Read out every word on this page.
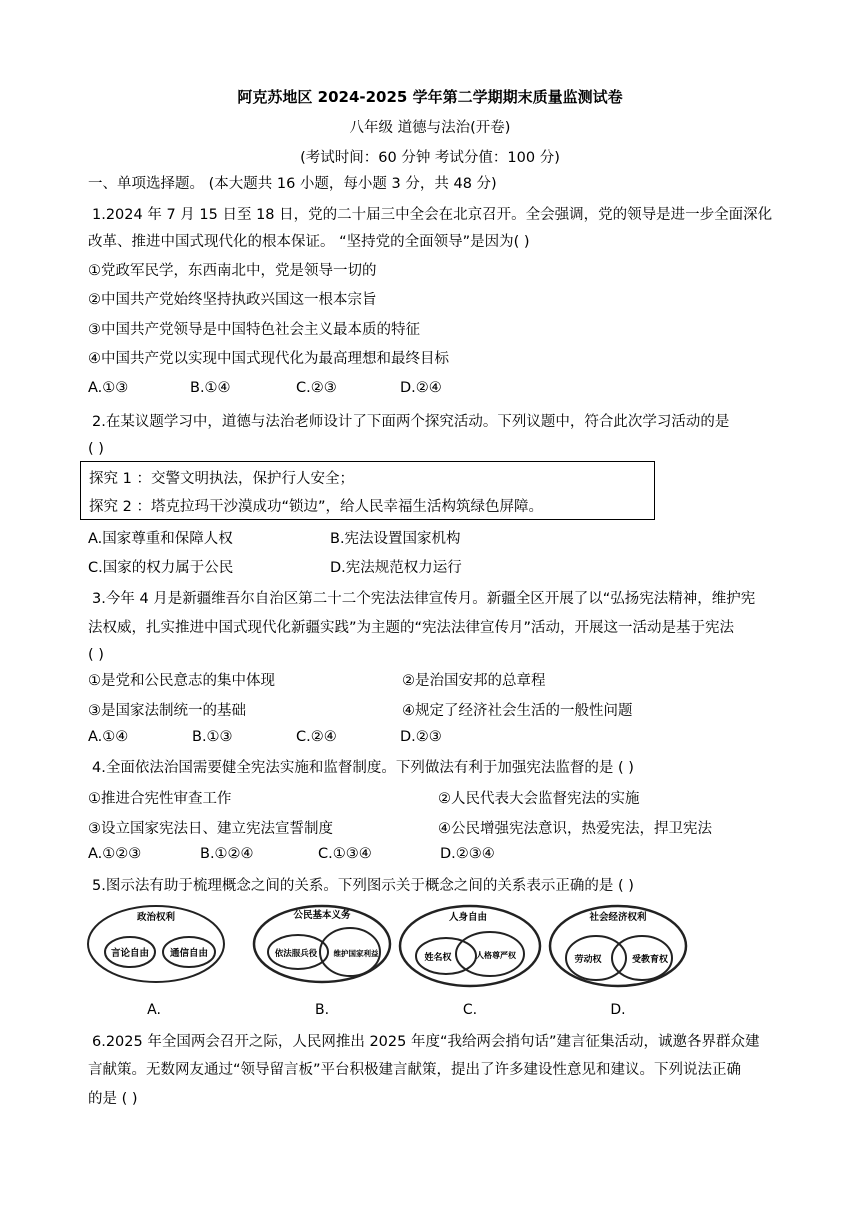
阿克苏地区 2024-2025 学年第二学期期末质量监测试卷
八年级 道德与法治(开卷)
(考试时间：60 分钟 考试分值：100 分)
一、单项选择题。 (本大题共 16 小题，每小题 3 分，共 48 分)
1.2024 年 7 月 15 日至 18 日，党的二十届三中全会在北京召开。全会强调，党的领导是进一步全面深化
改革、推进中国式现代化的根本保证。 “坚持党的全面领导”是因为( )
①党政军民学，东西南北中，党是领导一切的
②中国共产党始终坚持执政兴国这一根本宗旨
③中国共产党领导是中国特色社会主义最本质的特征
④中国共产党以实现中国式现代化为最高理想和最终目标
A.①③	B.①④	C.②③	D.②④
2.在某议题学习中，道德与法治老师设计了下面两个探究活动。下列议题中，符合此次学习活动的是
( )
探究 1 ：交警文明执法，保护行人安全；
探究 2 ：塔克拉玛干沙漠成功“锁边”，给人民幸福生活构筑绿色屏障。
A.国家尊重和保障人权	B.宪法设置国家机构
C.国家的权力属于公民	D.宪法规范权力运行
3.今年 4 月是新疆维吾尔自治区第二十二个宪法法律宣传月。新疆全区开展了以“弘扬宪法精神，维护宪
法权威，扎实推进中国式现代化新疆实践”为主题的“宪法法律宣传月”活动，开展这一活动是基于宪法
( )
①是党和公民意志的集中体现	②是治国安邦的总章程
③是国家法制统一的基础	④规定了经济社会生活的一般性问题
A.①④	B.①③	C.②④	D.②③
4.全面依法治国需要健全宪法实施和监督制度。下列做法有利于加强宪法监督的是 ( )
①推进合宪性审查工作	②人民代表大会监督宪法的实施
③设立国家宪法日、建立宪法宣誓制度	④公民增强宪法意识，热爱宪法，捍卫宪法
A.①②③	B.①②④	C.①③④	D.②③④
5.图示法有助于梳理概念之间的关系。下列图示关于概念之间的关系表示正确的是 ( )
政治权利
言论自由 通信自由
A.
公民基本义务
依法服兵役 维护国家利益
B.
人身自由
姓名权	人格尊严权
C.
社会经济权利
劳动权	受教育权
D.
6.2025 年全国两会召开之际，人民网推出 2025 年度“我给两会捎句话”建言征集活动，诚邀各界群众建
言献策。无数网友通过“领导留言板”平台积极建言献策，提出了许多建设性意见和建议。下列说法正确
的是 ( )
